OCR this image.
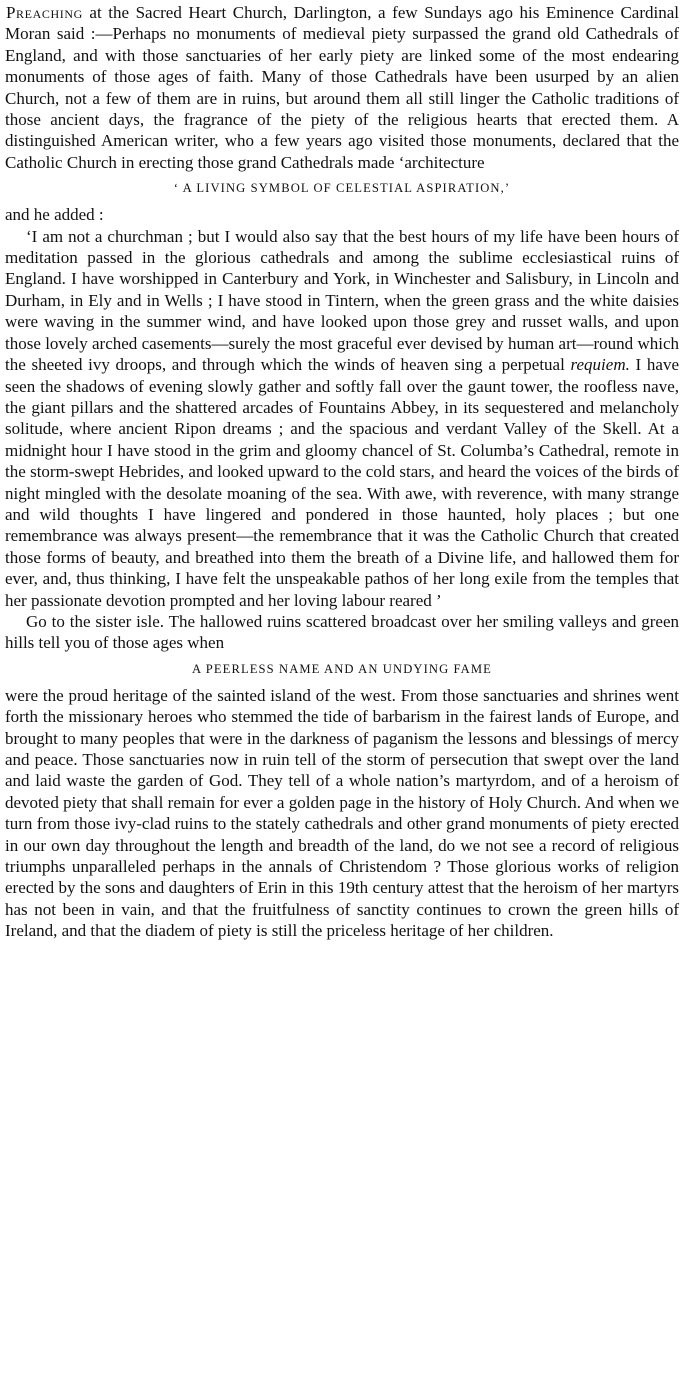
Preaching at the Sacred Heart Church, Darlington, a few Sundays ago his Eminence Cardinal Moran said :—Perhaps no monuments of medieval piety surpassed the grand old Cathedrals of England, and with those sanctuaries of her early piety are linked some of the most endearing monuments of those ages of faith. Many of those Cathedrals have been usurped by an alien Church, not a few of them are in ruins, but around them all still linger the Catholic traditions of those ancient days, the fragrance of the piety of the religious hearts that erected them. A distinguished American writer, who a few years ago visited those monuments, declared that the Catholic Church in erecting those grand Cathedrals made ‘architecture

‘ A LIVING SYMBOL OF CELESTIAL ASPIRATION,’

and he added :

‘I am not a churchman ; but I would also say that the best hours of my life have been hours of meditation passed in the glorious cathedrals and among the sublime ecclesiastical ruins of England. I have worshipped in Canterbury and York, in Winchester and Salisbury, in Lincoln and Durham, in Ely and in Wells ; I have stood in Tintern, when the green grass and the white daisies were waving in the summer wind, and have looked upon those grey and russet walls, and upon those lovely arched casements—surely the most graceful ever devised by human art—round which the sheeted ivy droops, and through which the winds of heaven sing a perpetual requiem. I have seen the shadows of evening slowly gather and softly fall over the gaunt tower, the roofless nave, the giant pillars and the shattered arcades of Fountains Abbey, in its sequestered and melancholy solitude, where ancient Ripon dreams ; and the spacious and verdant Valley of the Skell. At a midnight hour I have stood in the grim and gloomy chancel of St. Columba’s Cathedral, remote in the storm-swept Hebrides, and looked upward to the cold stars, and heard the voices of the birds of night mingled with the desolate moaning of the sea. With awe, with reverence, with many strange and wild thoughts I have lingered and pondered in those haunted, holy places ; but one remembrance was always present—the remembrance that it was the Catholic Church that created those forms of beauty, and breathed into them the breath of a Divine life, and hallowed them for ever, and, thus thinking, I have felt the unspeakable pathos of her long exile from the temples that her passionate devotion prompted and her loving labour reared ’

Go to the sister isle. The hallowed ruins scattered broadcast over her smiling valleys and green hills tell you of those ages when

A PEERLESS NAME AND AN UNDYING FAME

were the proud heritage of the sainted island of the west. From those sanctuaries and shrines went forth the missionary heroes who stemmed the tide of barbarism in the fairest lands of Europe, and brought to many peoples that were in the darkness of paganism the lessons and blessings of mercy and peace. Those sanctuaries now in ruin tell of the storm of persecution that swept over the land and laid waste the garden of God. They tell of a whole nation’s martyrdom, and of a heroism of devoted piety that shall remain for ever a golden page in the history of Holy Church. And when we turn from those ivy-clad ruins to the stately cathedrals and other grand monuments of piety erected in our own day throughout the length and breadth of the land, do we not see a record of religious triumphs unparalleled perhaps in the annals of Christendom ? Those glorious works of religion erected by the sons and daughters of Erin in this 19th century attest that the heroism of her martyrs has not been in vain, and that the fruitfulness of sanctity continues to crown the green hills of Ireland, and that the diadem of piety is still the priceless heritage of her children.
